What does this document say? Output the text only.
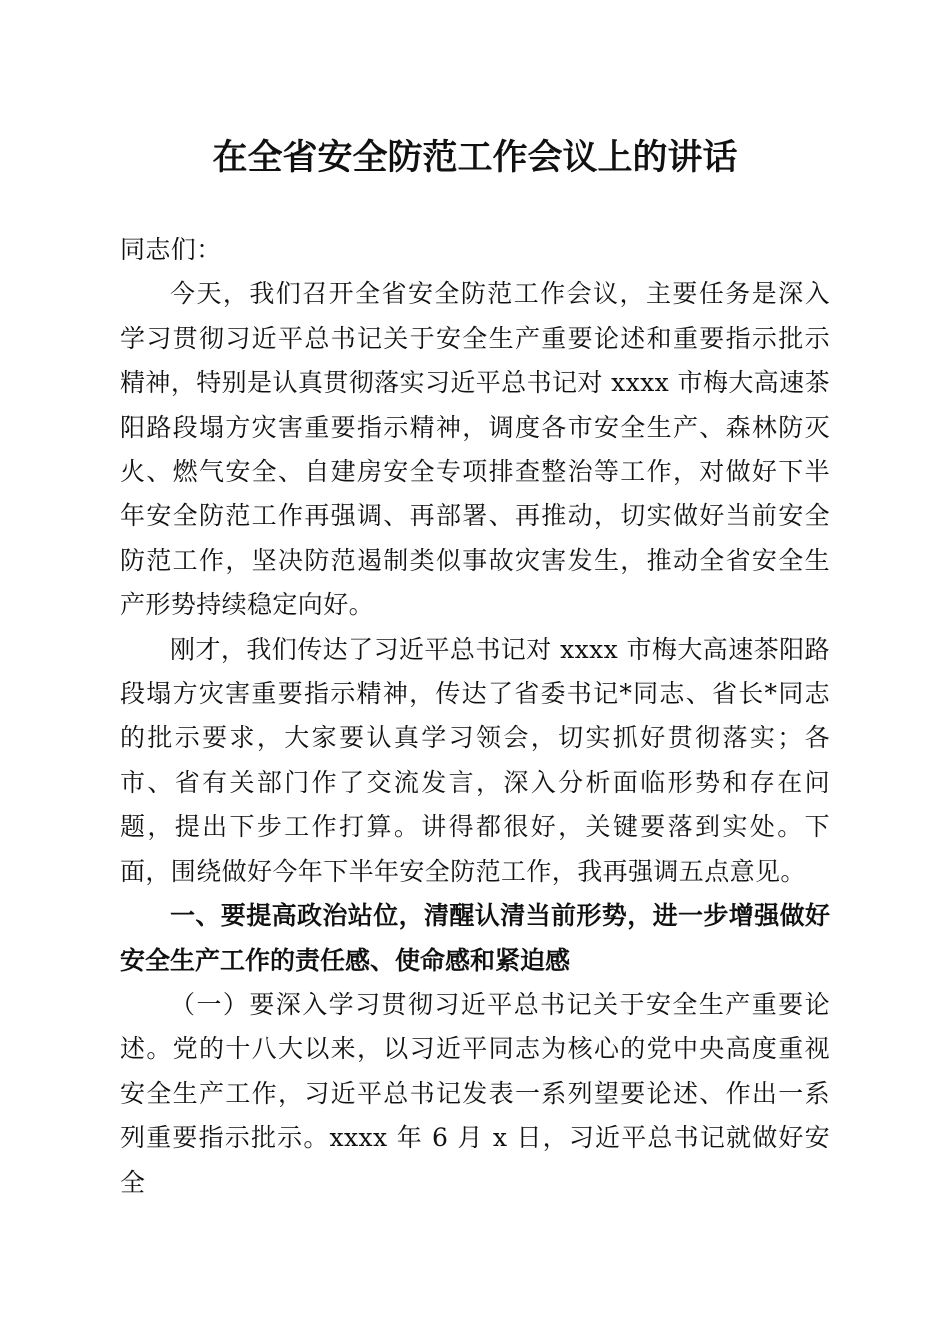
在全省安全防范工作会议上的讲话

同志们：

今天，我们召开全省安全防范工作会议，主要任务是深入学习贯彻习近平总书记关于安全生产重要论述和重要指示批示精神，特别是认真贯彻落实习近平总书记对 xxxx 市梅大高速茶阳路段塌方灾害重要指示精神，调度各市安全生产、森林防灭火、燃气安全、自建房安全专项排查整治等工作，对做好下半年安全防范工作再强调、再部署、再推动，切实做好当前安全防范工作，坚决防范遏制类似事故灾害发生，推动全省安全生产形势持续稳定向好。

刚才，我们传达了习近平总书记对 xxxx 市梅大高速茶阳路段塌方灾害重要指示精神，传达了省委书记*同志、省长*同志的批示要求，大家要认真学习领会，切实抓好贯彻落实；各市、省有关部门作了交流发言，深入分析面临形势和存在问题，提出下步工作打算。讲得都很好，关键要落到实处。下面，围绕做好今年下半年安全防范工作，我再强调五点意见。

一、要提高政治站位，清醒认清当前形势，进一步增强做好安全生产工作的责任感、使命感和紧迫感

（一）要深入学习贯彻习近平总书记关于安全生产重要论述。党的十八大以来，以习近平同志为核心的党中央高度重视安全生产工作，习近平总书记发表一系列望要论述、作出一系列重要指示批示。xxxx 年 6 月 x 日，习近平总书记就做好安全
